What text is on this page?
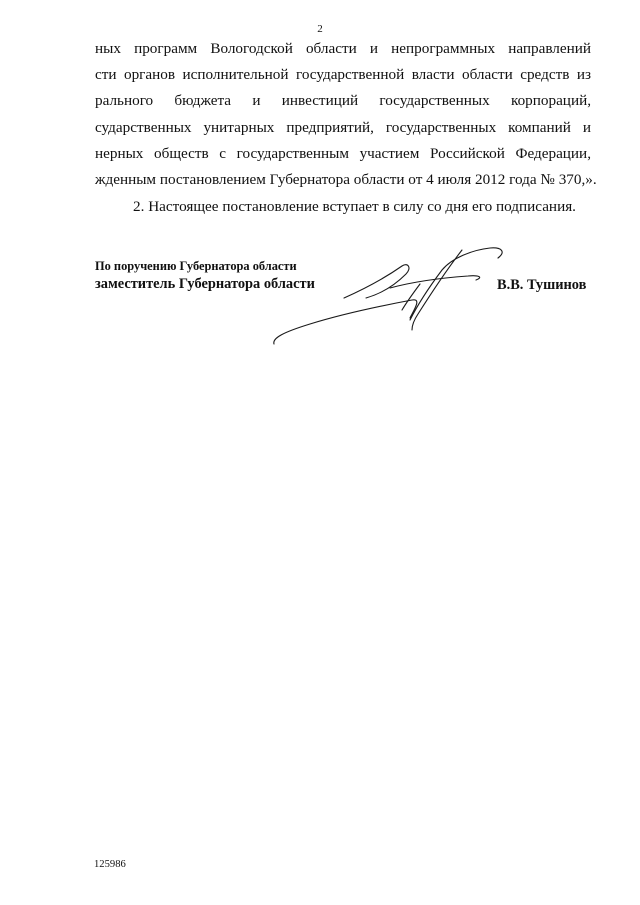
2
ных программ Вологодской области и непрограммных направлений
сти органов исполнительной государственной власти области средств из
рального бюджета и инвестиций государственных корпораций,
сударственных унитарных предприятий, государственных компаний и
нерных обществ с государственным участием Российской Федерации,
жденным постановлением Губернатора области от 4 июля 2012 года № 370,».
2. Настоящее постановление вступает в силу со дня его подписания.
По поручению Губернатора области
заместитель Губернатора области	В.В. Тушинов
125986
